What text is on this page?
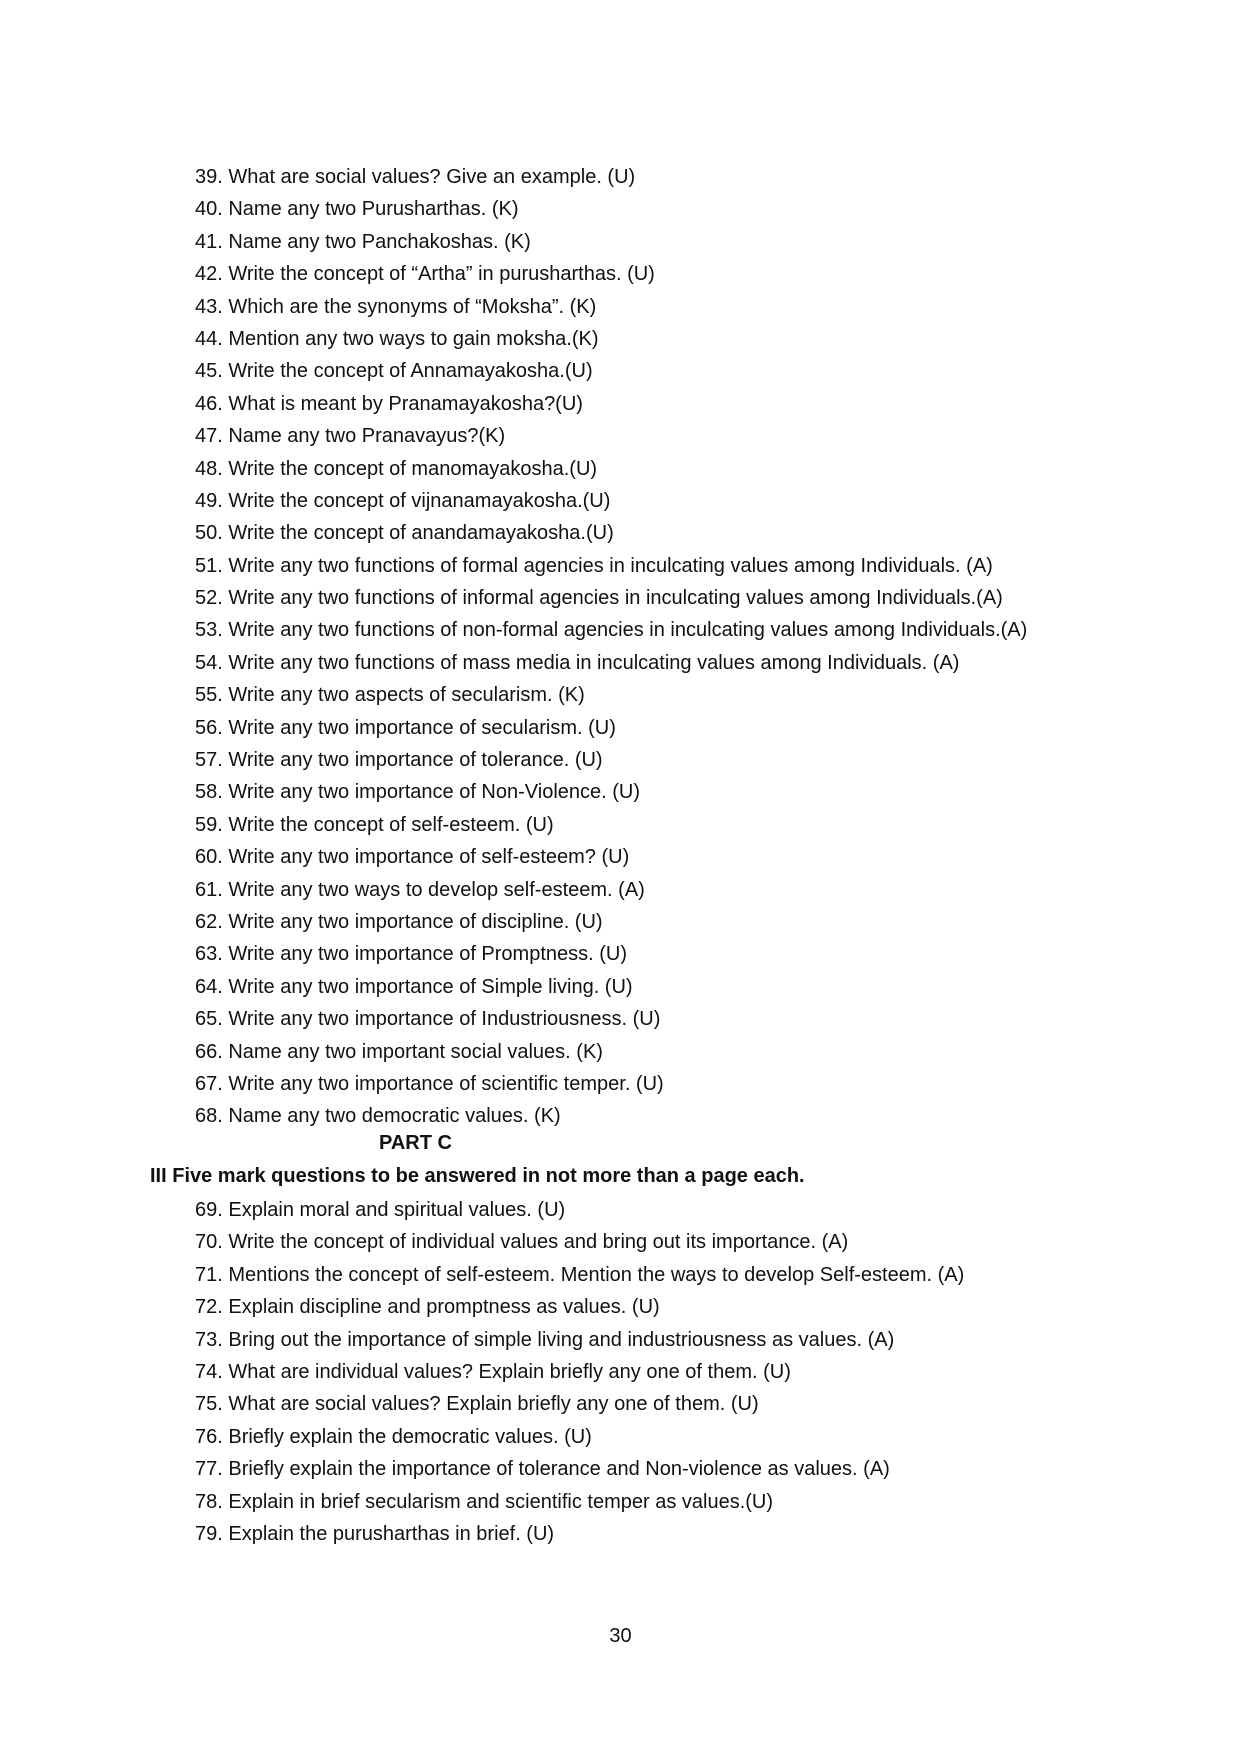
39. What are social values? Give an example. (U)
40. Name any two Purusharthas. (K)
41. Name any two Panchakoshas. (K)
42. Write the concept of “Artha” in purusharthas. (U)
43. Which are the synonyms of “Moksha”. (K)
44. Mention any two ways to gain moksha.(K)
45. Write the concept of Annamayakosha.(U)
46. What is meant by Pranamayakosha?(U)
47. Name any two Pranavayus?(K)
48. Write the concept of manomayakosha.(U)
49. Write the concept of vijnanamayakosha.(U)
50. Write the concept of anandamayakosha.(U)
51. Write any two functions of formal agencies in inculcating values among Individuals. (A)
52. Write any two functions of informal agencies in inculcating values among Individuals.(A)
53. Write any two functions of non-formal agencies in inculcating values among Individuals.(A)
54. Write any two functions of mass media in inculcating values among Individuals. (A)
55. Write any two aspects of secularism. (K)
56. Write any two importance of secularism. (U)
57. Write any two importance of tolerance. (U)
58. Write any two importance of Non-Violence. (U)
59. Write the concept of self-esteem. (U)
60. Write any two importance of self-esteem? (U)
61. Write any two ways to develop self-esteem. (A)
62. Write any two importance of discipline. (U)
63. Write any two importance of Promptness. (U)
64. Write any two importance of Simple living. (U)
65. Write any two importance of Industriousness. (U)
66. Name any two important social values. (K)
67. Write any two importance of scientific temper. (U)
68. Name any two democratic values. (K)
PART C
III Five mark questions to be answered in not more than a page each.
69. Explain moral and spiritual values. (U)
70. Write the concept of individual values and bring out its importance. (A)
71. Mentions the concept of self-esteem. Mention the ways to develop Self-esteem. (A)
72. Explain discipline and promptness as values. (U)
73. Bring out the importance of simple living and industriousness as values. (A)
74. What are individual values? Explain briefly any one of them. (U)
75. What are social values? Explain briefly any one of them. (U)
76. Briefly explain the democratic values. (U)
77. Briefly explain the importance of tolerance and Non-violence as values. (A)
78. Explain in brief secularism and scientific temper as values.(U)
79. Explain the purusharthas in brief. (U)
30
